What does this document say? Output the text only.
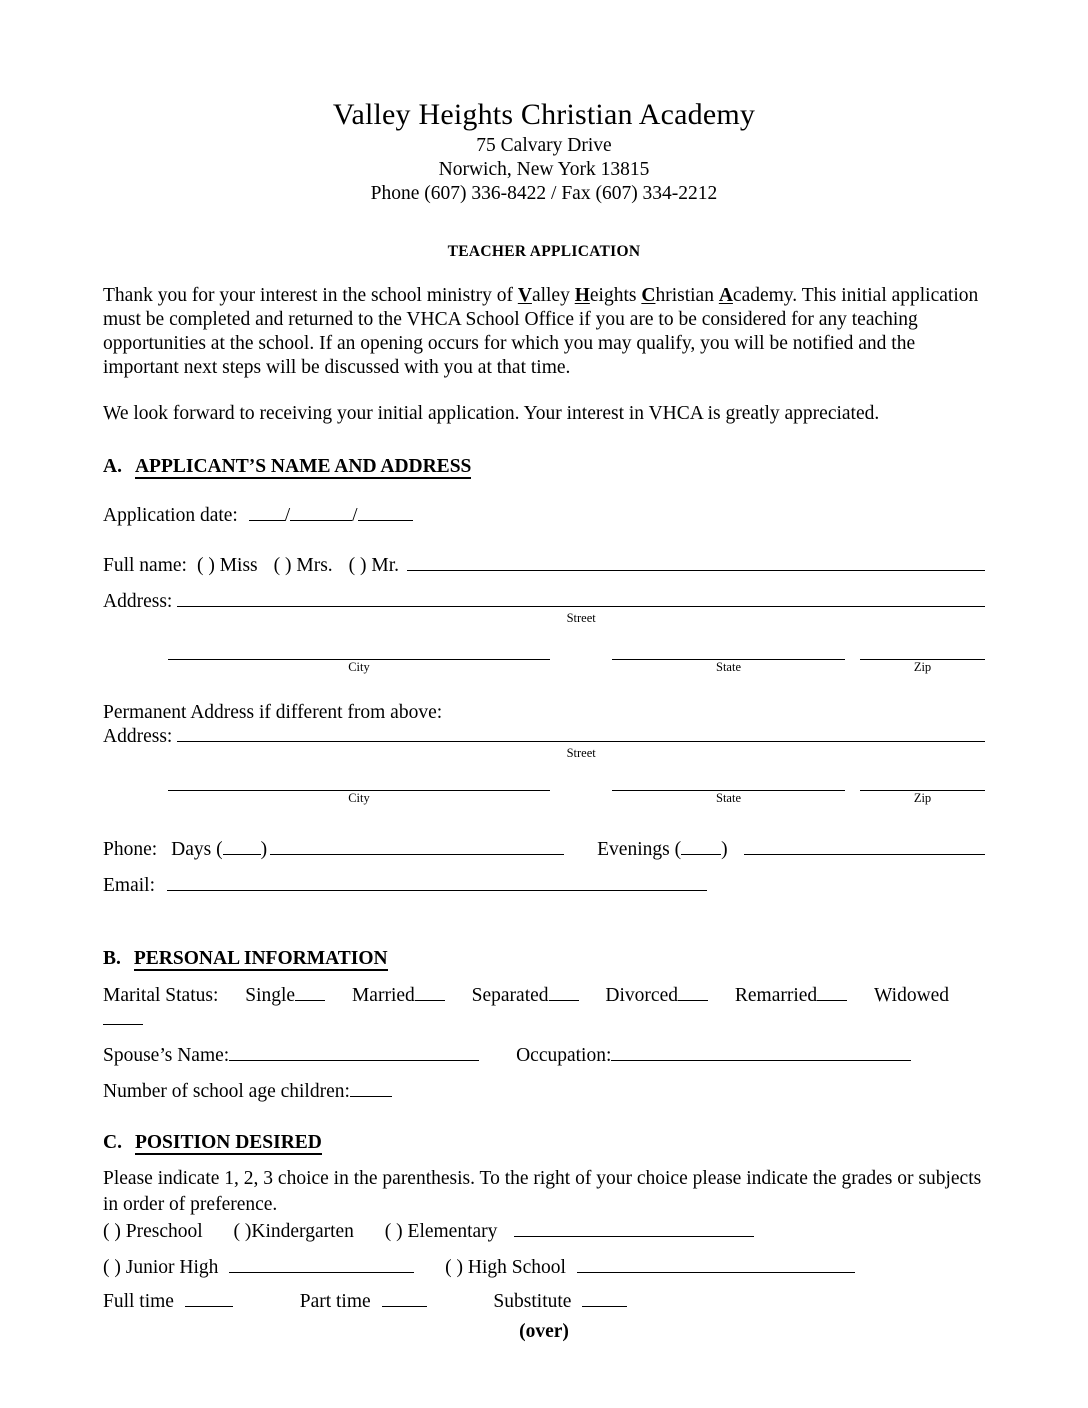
Valley Heights Christian Academy
75 Calvary Drive
Norwich, New York 13815
Phone (607) 336-8422 / Fax (607) 334-2212
TEACHER APPLICATION

Thank you for your interest in the school ministry of Valley Heights Christian Academy. This initial application must be completed and returned to the VHCA School Office if you are to be considered for any teaching opportunities at the school. If an opening occurs for which you may qualify, you will be notified and the important next steps will be discussed with you at that time.

We look forward to receiving your initial application. Your interest in VHCA is greatly appreciated.

A. APPLICANT’S NAME AND ADDRESS
Application date: /	/
Full name: ( ) Miss ( ) Mrs. ( ) Mr.
Address:
Street
City	State	Zip
Permanent Address if different from above:
Address:
Street
City	State	Zip
Phone: Days ( )	Evenings ( )
Email:
B. PERSONAL INFORMATION
Marital Status: Single	Married	Separated	Divorced	Remarried	Widowed
Spouse’s Name:	Occupation:
Number of school age children:
C. POSITION DESIRED
Please indicate 1, 2, 3 choice in the parenthesis. To the right of your choice please indicate the grades or subjects in order of preference.
( ) Preschool ( )Kindergarten ( ) Elementary
( ) Junior High	( ) High School
Full time	Part time	Substitute
(over)
